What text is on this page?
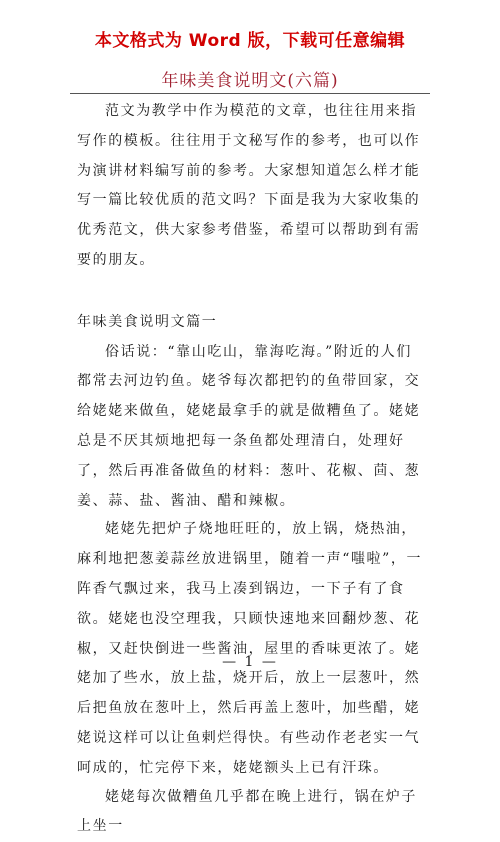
本文格式为 Word 版，下载可任意编辑
年味美食说明文(六篇)

范文为教学中作为模范的文章，也往往用来指写作的模板。往往用于文秘写作的参考，也可以作为演讲材料编写前的参考。大家想知道怎么样才能写一篇比较优质的范文吗？下面是我为大家收集的优秀范文，供大家参考借鉴，希望可以帮助到有需要的朋友。

年味美食说明文篇一

俗话说：“靠山吃山，靠海吃海。”附近的人们都常去河边钓鱼。姥爷每次都把钓的鱼带回家，交给姥姥来做鱼，姥姥最拿手的就是做糟鱼了。姥姥总是不厌其烦地把每一条鱼都处理清白，处理好了，然后再准备做鱼的材料：葱叶、花椒、茴、葱姜、蒜、盐、酱油、醋和辣椒。

姥姥先把炉子烧地旺旺的，放上锅，烧热油，麻利地把葱姜蒜丝放进锅里，随着一声“嗤啦”，一阵香气飘过来，我马上凑到锅边，一下子有了食欲。姥姥也没空理我，只顾快速地来回翻炒葱、花椒，又赶快倒进一些酱油，屋里的香味更浓了。姥姥加了些水，放上盐，烧开后，放上一层葱叶，然后把鱼放在葱叶上，然后再盖上葱叶，加些醋，姥姥说这样可以让鱼剌烂得快。有些动作老老实一气呵成的，忙完停下来，姥姥额头上已有汗珠。

姥姥每次做糟鱼几乎都在晚上进行，锅在炉子上坐一

— 1 —
